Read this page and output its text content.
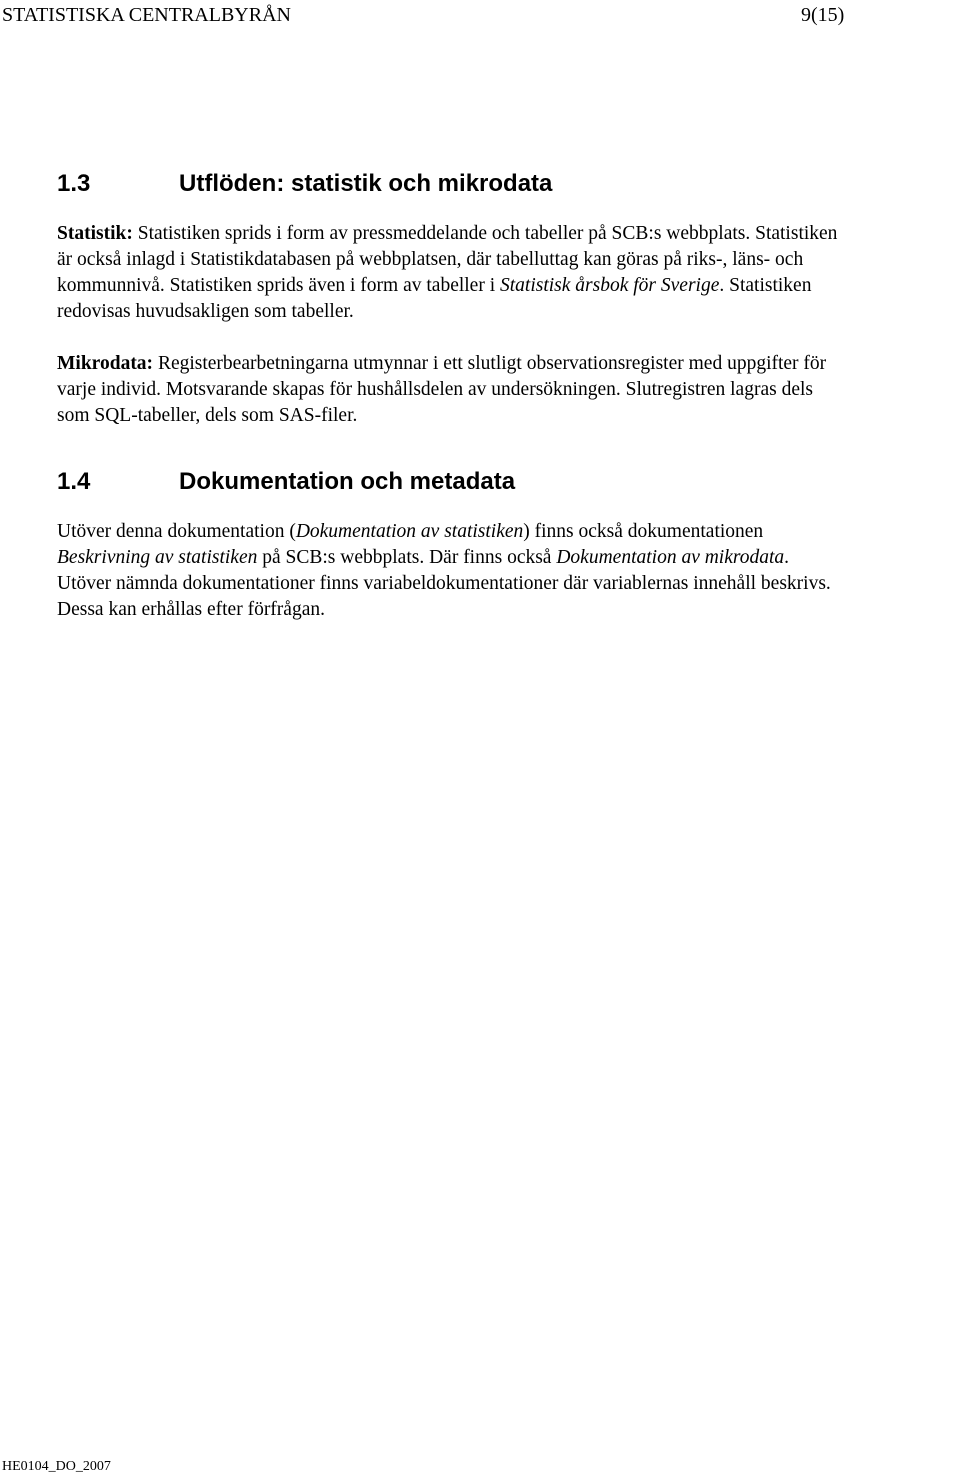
STATISTISKA CENTRALBYRÅN	9(15)
1.3	Utflöden: statistik och mikrodata
Statistik: Statistiken sprids i form av pressmeddelande och tabeller på SCB:s webbplats. Statistiken
är också inlagd i Statistikdatabasen på webbplatsen, där tabelluttag kan göras på riks-, läns- och
kommunnivå. Statistiken sprids även i form av tabeller i Statistisk årsbok för Sverige. Statistiken
redovisas huvudsakligen som tabeller.
Mikrodata: Registerbearbetningarna utmynnar i ett slutligt observationsregister med uppgifter för
varje individ. Motsvarande skapas för hushållsdelen av undersökningen. Slutregistren lagras dels
som SQL-tabeller, dels som SAS-filer.
1.4	Dokumentation och metadata
Utöver denna dokumentation (Dokumentation av statistiken) finns också dokumentationen
Beskrivning av statistiken på SCB:s webbplats. Där finns också Dokumentation av mikrodata.
Utöver nämnda dokumentationer finns variabeldokumentationer där variablernas innehåll beskrivs.
Dessa kan erhållas efter förfrågan.
HE0104_DO_2007
